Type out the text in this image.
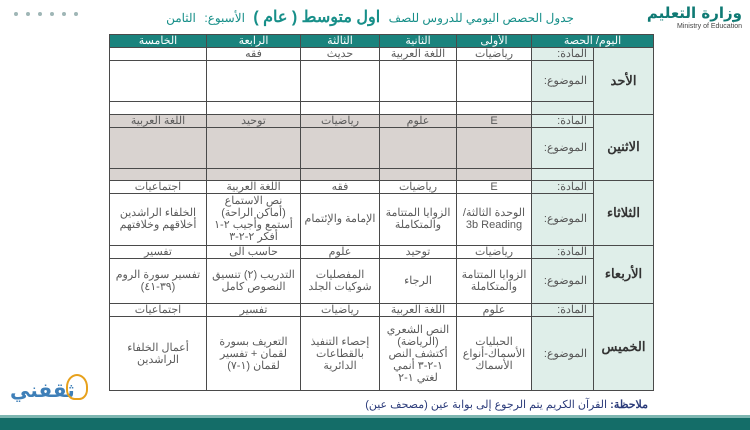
وزارة التعليم
Ministry of Education
جدول الحصص اليومي للدروس للصف اول متوسط ( عام ) الأسبوع: الثامن
اليوم/ الحصة		الأولى	الثانية	الثالثة	الرابعة	الخامسة
الأحد	المادة:	رياضيات	اللغة العربية	حديث	فقه	
	الموضوع:					

الاثنين	المادة:	E	علوم	رياضيات	توحيد	اللغة العربية
	الموضوع:					

الثلاثاء	المادة:	E	رياضيات	فقه	اللغة العربية	اجتماعيات
	الموضوع:	الوحدة الثالثة/ 3b Reading	الزوايا المتتامة والمتكاملة	الإمامة والإئتمام	نص الاستماع (أماكن الراحة) أستمع وأجيب ٢-١ أفكر ٢-٢-٣	الخلفاء الراشدين أخلاقهم وخلافتهم
الأربعاء	المادة:	رياضيات	توحيد	علوم	حاسب الى	تفسير
	الموضوع:	الزوايا المتتامة والمتكاملة	الرجاء	المفصليات شوكيات الجلد	التدريب (٢) تنسيق النصوص كامل	تفسير سورة الروم (٣٩-٤١)
الخميس	المادة:	علوم	اللغة العربية	رياضيات	تفسير	اجتماعيات
	الموضوع:	الحبليات الأسماك-أنواع الأسماك	النص الشعري (الرياضة) أكتشف النص ١-٢-٣ أنمي لغتي ١-٢	إحصاء التنفيذ بالقطاعات الدائرية	التعريف بسورة لقمان + تفسير لقمان (١-٧)	أعمال الخلفاء الراشدين
ملاحظة: القرآن الكريم يتم الرجوع إلى بوابة عين (مصحف عين)
ثقفني
